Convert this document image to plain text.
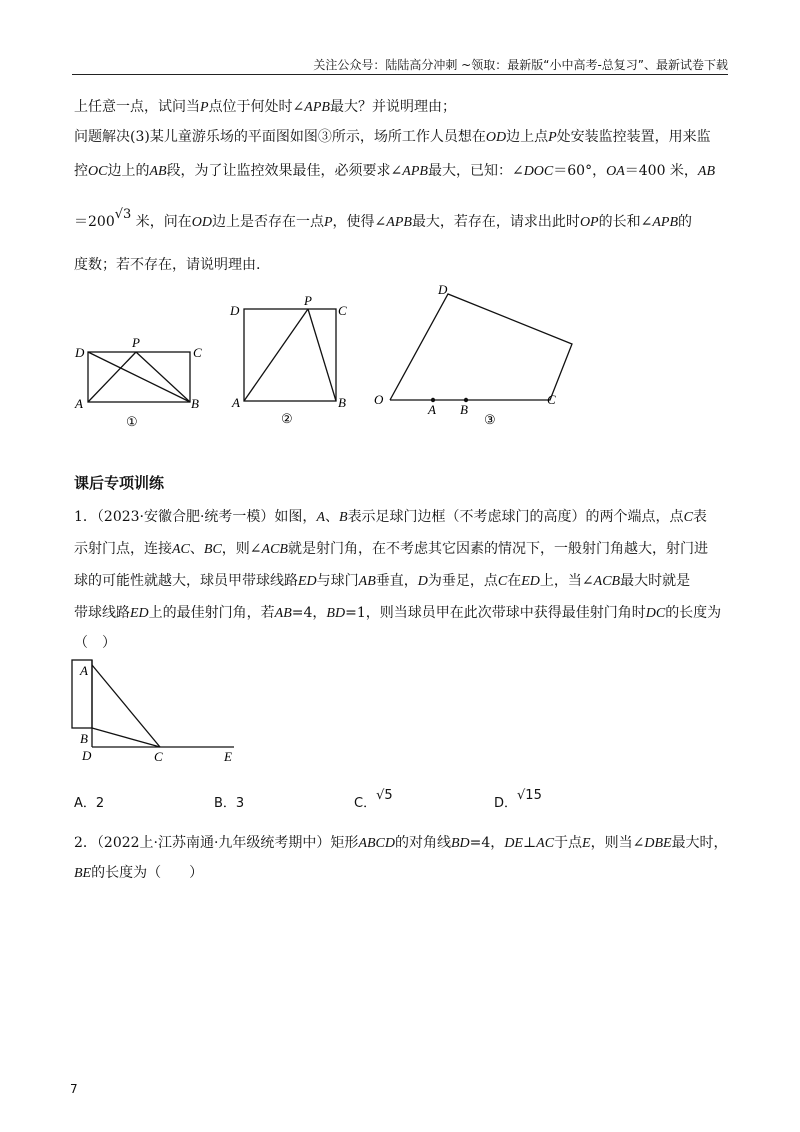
关注公众号：陆陆高分冲刺 ~领取：最新版“小中高考-总复习”、最新试卷下载
上任意一点，试问当P点位于何处时∠APB最大？并说明理由；
问题解决(3)某儿童游乐场的平面图如图③所示，场所工作人员想在OD边上点P处安装监控装置，用来监
控OC边上的AB段，为了让监控效果最佳，必须要求∠APB最大，已知：∠DOC＝60°，OA＝400 米，AB
＝200√3 米，问在OD边上是否存在一点P，使得∠APB最大，若存在，请求出此时OP的长和∠APB的
度数；若不存在，请说明理由.
D
P
C
A	B
①
D
P
C
A	B
②
D
O
A B
C
③
课后专项训练
1．（2023·安徽合肥·统考一模）如图，A、B表示足球门边框（不考虑球门的高度）的两个端点，点C表
示射门点，连接AC、BC，则∠ACB就是射门角，在不考虑其它因素的情况下，一般射门角越大，射门进
球的可能性就越大，球员甲带球线路ED与球门AB垂直，D为垂足，点C在ED上，当∠ACB最大时就是
带球线路ED上的最佳射门角，若AB=4，BD=1，则当球员甲在此次带球中获得最佳射门角时DC的长度为
（　）
A
B
D	C	E
A．2	B．3	C．√5
D．√15
2．（2022上·江苏南通·九年级统考期中）矩形ABCD的对角线BD=4，DE⊥AC于点E，则当∠DBE最大时，
BE的长度为（　　）
7
